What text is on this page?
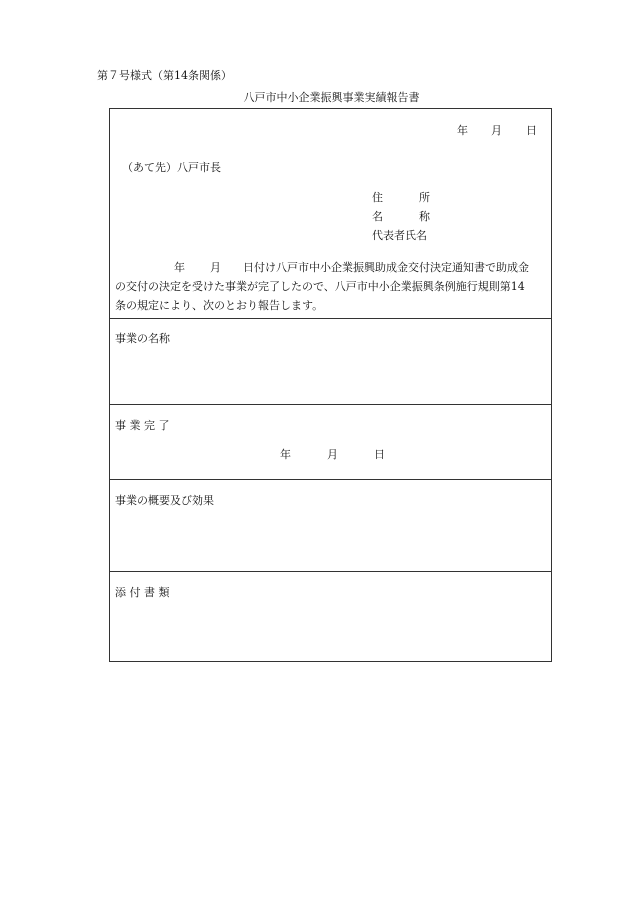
第７号様式（第14条関係）
八戸市中小企業振興事業実績報告書
年 月 日
（あて先）八戸市長
住	所
名	称
代表者氏名
年 月 日付け八戸市中小企業振興助成金交付決定通知書で助成金
の交付の決定を受けた事業が完了したので、八戸市中小企業振興条例施行規則第14
条の規定により、次のとおり報告します。
事業の名称
事 業 完 了
年	月	日
事業の概要及び効果
添 付 書 類
